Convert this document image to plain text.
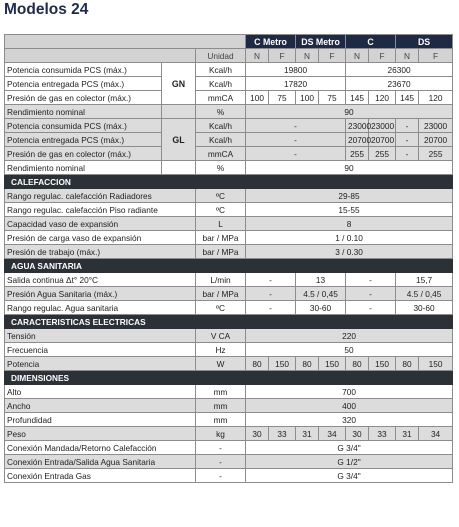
Modelos 24
			C Metro		DS Metro		C		DS	
		Unidad	N	F	N	F	N	F	N	F
Potencia consumida PCS (máx.)	GN	Kcal/h	19800				26300			
Potencia entregada PCS (máx.)		Kcal/h	17820				23670			
Presión de gas en colector (máx.)		mmCA	100	75	100	75	145	120	145	120
Rendimiento nominal		%	90							
Potencia consumida PCS (máx.)	GL	Kcal/h	-				23000	23000	-	23000
Potencia entregada PCS (máx.)		Kcal/h	-				20700	20700	-	20700
Presión de gas en colector (máx.)		mmCA	-				255	255	-	255
Rendimiento nominal		%	90							
CALEFACCION										
Rango regulac. calefacción Radiadores		ºC	29-85							
Rango regulac. calefacción Piso radiante		ºC	15-55							
Capacidad vaso de expansión		L	8							
Presión de carga vaso de expansión		bar / MPa	1 / 0.10							
Presión de trabajo (máx.)		bar / MPa	3 / 0.30							
AGUA SANITARIA										
Salida continua Δt° 20°C		L/min	-		13		-		15,7	
Presión Agua Sanitaria (máx.)		bar / MPa	-		4.5 / 0,45		-		4.5 / 0,45	
Rango regulac. Agua sanitaria		ºC	-		30-60		-		30-60	
CARACTERISTICAS ELECTRICAS										
Tensión		V CA	220							
Frecuencia		Hz	50							
Potencia		W	80	150	80	150	80	150	80	150
DIMENSIONES										
Alto		mm	700							
Ancho		mm	400							
Profundidad		mm	320							
Peso		kg	30	33	31	34	30	33	31	34
Conexión Mandada/Retorno Calefacción		-	G 3/4"							
Conexión Entrada/Salida Agua Sanitaria		-	G 1/2"							
Conexión Entrada Gas		-	G 3/4"							
